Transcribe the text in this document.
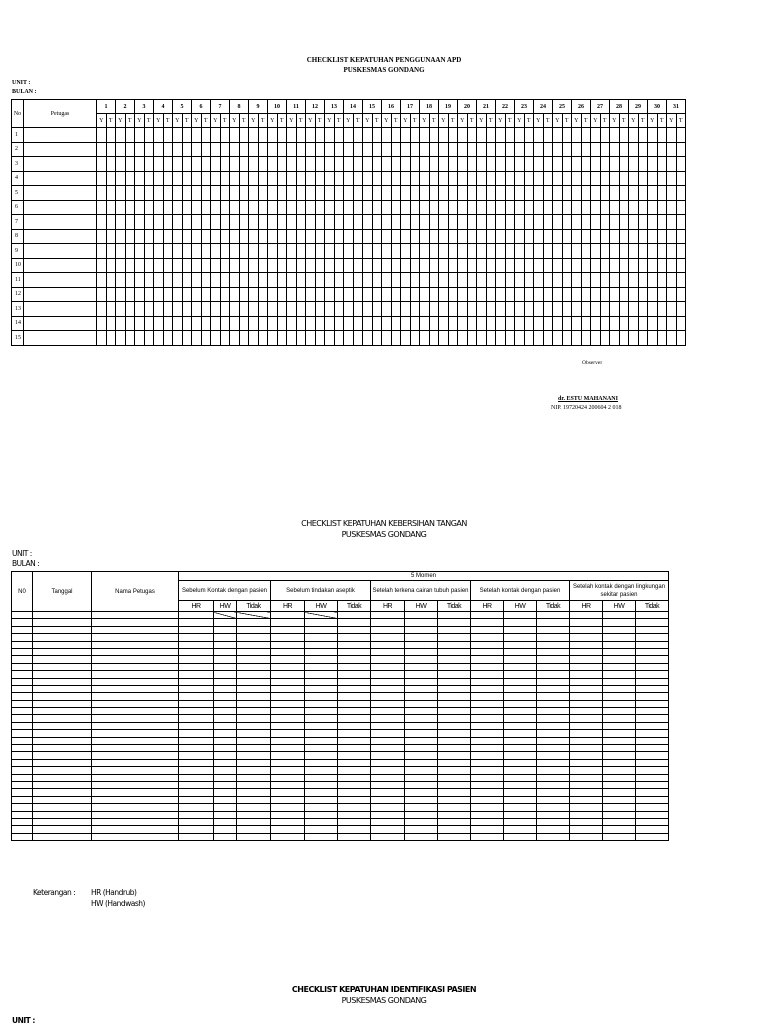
CHECKLIST KEPATUHAN PENGGUNAAN APD
PUSKESMAS GONDANG
UNIT :
BULAN :
No	Petugas	1		2		3		4		5		6		7		8		9		10		11		12		13		14		15		16		17		18		19		20		21		22		23		24		25		26		27		28		29		30		31	
		Y	T	Y	T	Y	T	Y	T	Y	T	Y	T	Y	T	Y	T	Y	T	Y	T	Y	T	Y	T	Y	T	Y	T	Y	T	Y	T	Y	T	Y	T	Y	T	Y	T	Y	T	Y	T	Y	T	Y	T	Y	T	Y	T	Y	T	Y	T	Y	T	Y	T	Y	T
1																																																															
2																																																															
3																																																															
4																																																															
5																																																															
6																																																															
7																																																															
8																																																															
9																																																															
10																																																															
11																																																															
12																																																															
13																																																															
14																																																															
15																																																															
Observer
dr. ESTU MAHANANI
NIP. 19720424 200604 2 018
CHECKLIST KEPATUHAN KEBERSIHAN TANGAN
PUSKESMAS GONDANG
UNIT :
BULAN :
N0	Tanggal	Nama Petugas	5 Momen														
			Sebelum Kontak dengan pasien			Sebelum tindakan aseptik			Setelah terkena cairan tubuh pasien			Setelah kontak dengan pasien			Setelah kontak dengan lingkungan sekitar pasien		
			HR	HW	Tidak	HR	HW	Tidak	HR	HW	Tidak	HR	HW	Tidak	HR	HW	Tidak

Keterangan : HR (Handrub)
HW (Handwash)
CHECKLIST KEPATUHAN IDENTIFIKASI PASIEN
PUSKESMAS GONDANG
UNIT :
